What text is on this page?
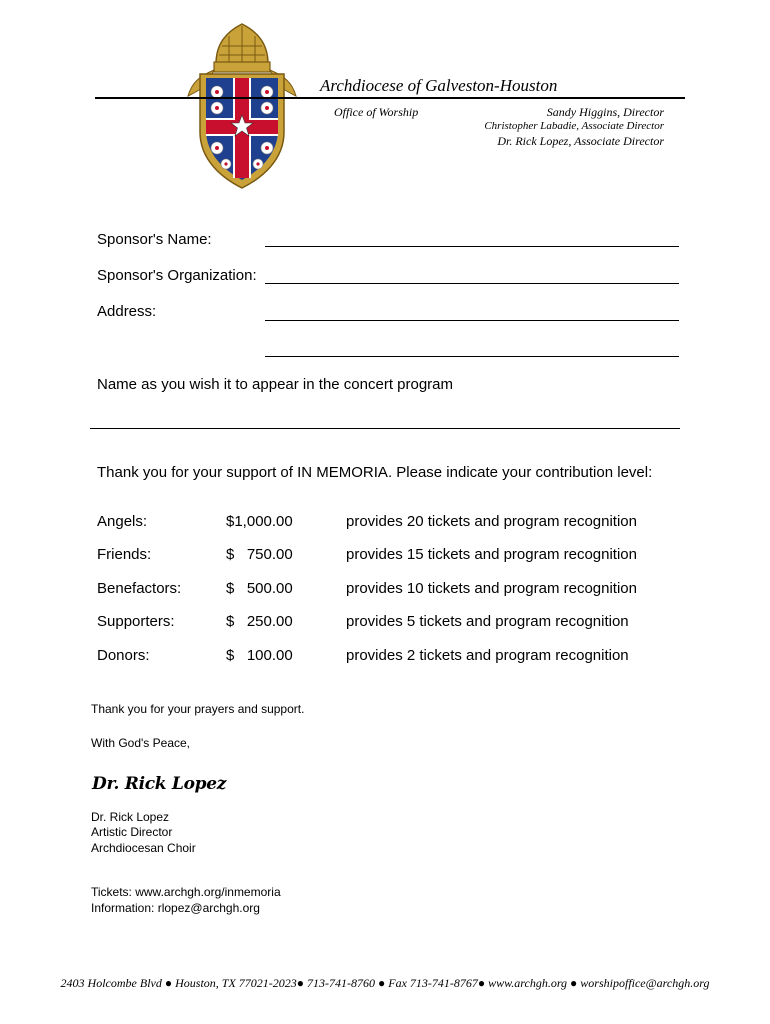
Archdiocese of Galveston-Houston
Office of Worship	Sandy Higgins, Director
Christopher Labadie, Associate Director
Dr. Rick Lopez, Associate Director
Sponsor's Name:
Sponsor's Organization:
Address:
Name as you wish it to appear in the concert program
Thank you for your support of IN MEMORIA. Please indicate your contribution level:
Angels:	$1,000.00	provides 20 tickets and program recognition
Friends:	$   750.00	provides 15 tickets and program recognition
Benefactors:	$   500.00	provides 10 tickets and program recognition
Supporters:	$   250.00	provides 5 tickets and program recognition
Donors:	$   100.00	provides 2 tickets and program recognition
Thank you for your prayers and support.
With God's Peace,
Dr. Rick Lopez
Dr. Rick Lopez
Artistic Director
Archdiocesan Choir
Tickets: www.archgh.org/inmemoria
Information: rlopez@archgh.org
2403 Holcombe Blvd ● Houston, TX 77021-2023● 713-741-8760 ● Fax 713-741-8767● www.archgh.org ● worshipoffice@archgh.org
